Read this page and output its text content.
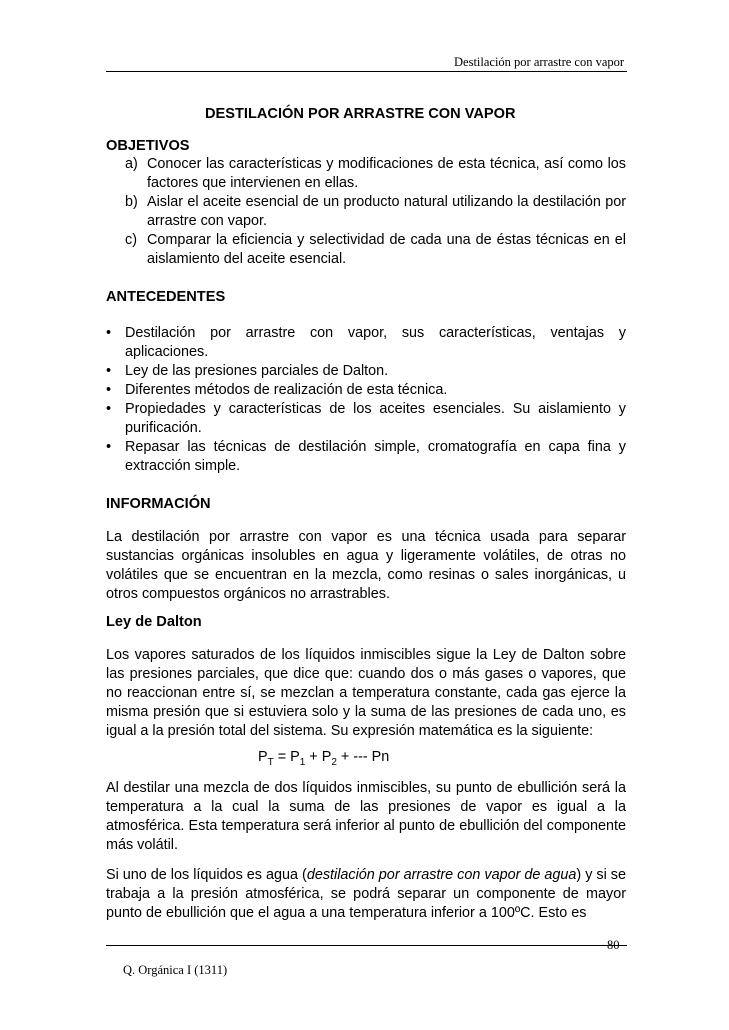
Destilación por arrastre con vapor
DESTILACIÓN POR ARRASTRE CON VAPOR
OBJETIVOS

a) Conocer las características y modificaciones de esta técnica, así como los factores que intervienen en ellas.

b) Aislar el aceite esencial de un producto natural utilizando la destilación por arrastre con vapor.

c) Comparar la eficiencia y selectividad de cada una de éstas técnicas en el aislamiento del aceite esencial.

ANTECEDENTES

• Destilación por arrastre con vapor, sus características, ventajas y aplicaciones.

• Ley de las presiones parciales de Dalton.

• Diferentes métodos de realización de esta técnica.

• Propiedades y características de los aceites esenciales. Su aislamiento y purificación.

• Repasar las técnicas de destilación simple, cromatografía en capa fina y extracción simple.

INFORMACIÓN

La destilación por arrastre con vapor es una técnica usada para separar sustancias orgánicas insolubles en agua y ligeramente volátiles, de otras no volátiles que se encuentran en la mezcla, como resinas o sales inorgánicas, u otros compuestos orgánicos no arrastrables.

Ley de Dalton

Los vapores saturados de los líquidos inmiscibles sigue la Ley de Dalton sobre las presiones parciales, que dice que: cuando dos o más gases o vapores, que no reaccionan entre sí, se mezclan a temperatura constante, cada gas ejerce la misma presión que si estuviera solo y la suma de las presiones de cada uno, es igual a la presión total del sistema. Su expresión matemática es la siguiente:

$P_T = P_1 + P_2$ + --- Pn

Al destilar una mezcla de dos líquidos inmiscibles, su punto de ebullición será la temperatura a la cual la suma de las presiones de vapor es igual a la atmosférica. Esta temperatura será inferior al punto de ebullición del componente más volátil.

Si uno de los líquidos es agua (destilación por arrastre con vapor de agua) y si se trabaja a la presión atmosférica, se podrá separar un componente de mayor punto de ebullición que el agua a una temperatura inferior a 100ºC. Esto es

80
Q. Orgánica I (1311)
